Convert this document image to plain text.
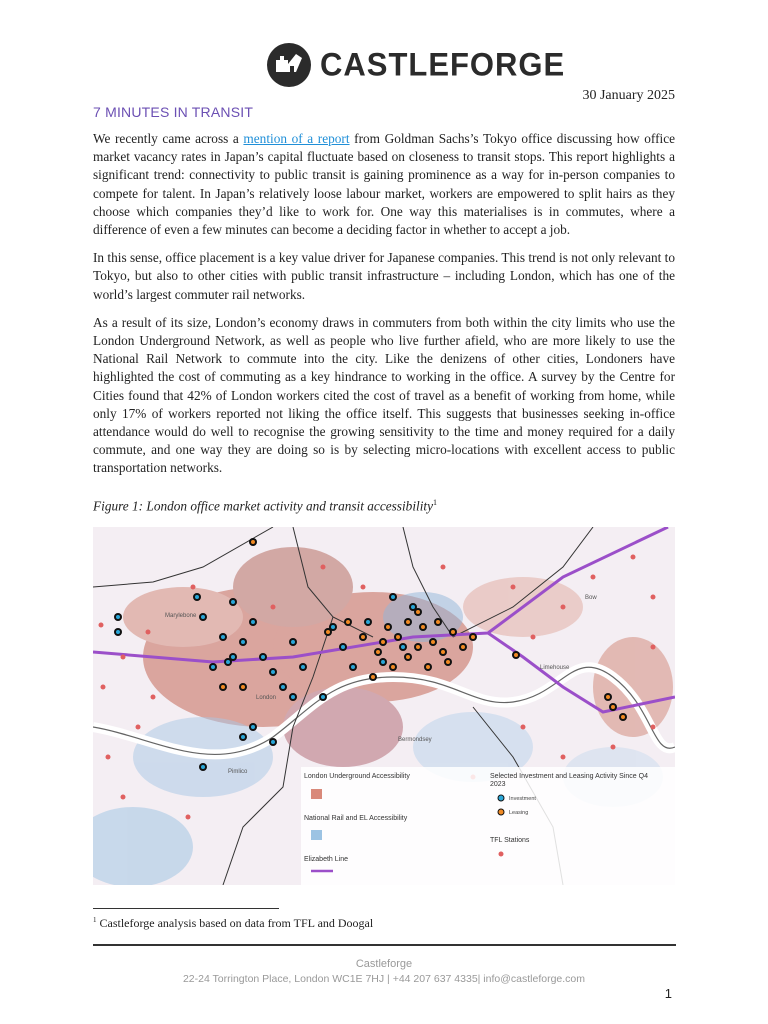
CASTLEFORGE
30 January 2025
7 MINUTES IN TRANSIT

We recently came across a mention of a report from Goldman Sachs’s Tokyo office discussing how office market vacancy rates in Japan’s capital fluctuate based on closeness to transit stops. This report highlights a significant trend: connectivity to public transit is gaining prominence as a way for in-person companies to compete for talent. In Japan’s relatively loose labour market, workers are empowered to split hairs as they choose which companies they’d like to work for. One way this materialises is in commutes, where a difference of even a few minutes can become a deciding factor in whether to accept a job.

In this sense, office placement is a key value driver for Japanese companies. This trend is not only relevant to Tokyo, but also to other cities with public transit infrastructure – including London, which has one of the world’s largest commuter rail networks.

As a result of its size, London’s economy draws in commuters from both within the city limits who use the London Underground Network, as well as people who live further afield, who are more likely to use the National Rail Network to commute into the city. Like the denizens of other cities, Londoners have highlighted the cost of commuting as a key hindrance to working in the office. A survey by the Centre for Cities found that 42% of London workers cited the cost of travel as a benefit of working from home, while only 17% of workers reported not liking the office itself. This suggests that businesses seeking in-office attendance would do well to recognise the growing sensitivity to the time and money required for a daily commute, and one way they are doing so is by selecting micro-locations with excellent access to public transportation networks.

Figure 1: London office market activity and transit accessibility$^1$
Marylebone
London
Pimlico
Bermondsey
Limehouse
Bow
London Underground Accessibility
National Rail and EL Accessibility
Elizabeth Line
Selected Investment and Leasing Activity Since Q4
2023
Investment
Leasing
TFL Stations
$^1$ Castleforge analysis based on data from TFL and Doogal
Castleforge
22-24 Torrington Place, London WC1E 7HJ | +44 207 637 4335| info@castleforge.com
1
